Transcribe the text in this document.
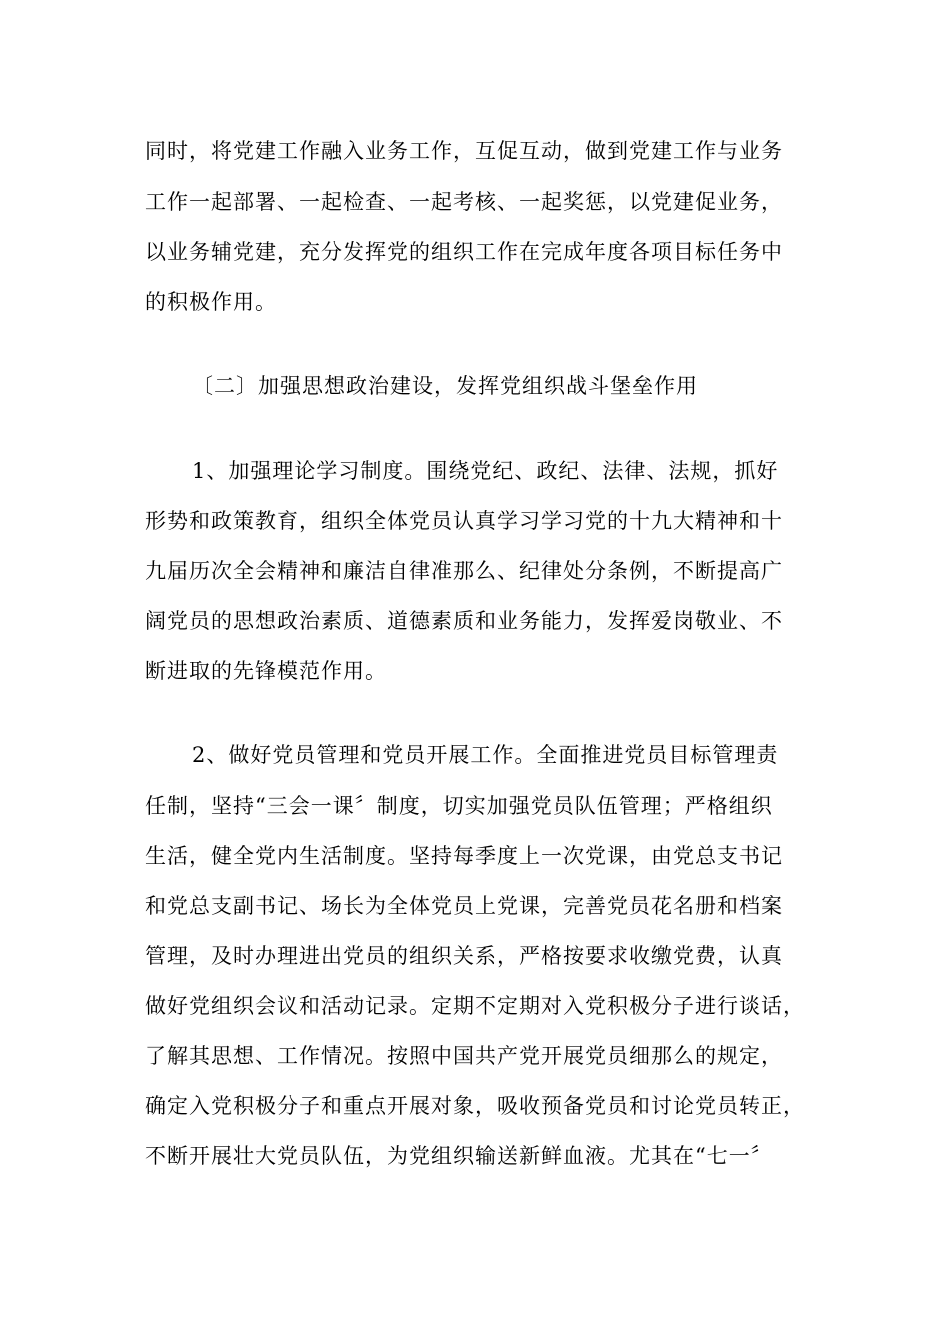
同时，将党建工作融入业务工作，互促互动，做到党建工作与业务
工作一起部署、一起检查、一起考核、一起奖惩，以党建促业务，
以业务辅党建，充分发挥党的组织工作在完成年度各项目标任务中
的积极作用。
〔二〕加强思想政治建设，发挥党组织战斗堡垒作用
1、加强理论学习制度。围绕党纪、政纪、法律、法规，抓好
形势和政策教育，组织全体党员认真学习学习党的十九大精神和十
九届历次全会精神和廉洁自律准那么、纪律处分条例，不断提高广
阔党员的思想政治素质、道德素质和业务能力，发挥爱岗敬业、不
断进取的先锋模范作用。
2、做好党员管理和党员开展工作。全面推进党员目标管理责
任制，坚持“三会一课〞制度，切实加强党员队伍管理；严格组织
生活，健全党内生活制度。坚持每季度上一次党课，由党总支书记
和党总支副书记、场长为全体党员上党课，完善党员花名册和档案
管理，及时办理进出党员的组织关系，严格按要求收缴党费，认真
做好党组织会议和活动记录。定期不定期对入党积极分子进行谈话，
了解其思想、工作情况。按照中国共产党开展党员细那么的规定，
确定入党积极分子和重点开展对象，吸收预备党员和讨论党员转正，
不断开展壮大党员队伍，为党组织输送新鲜血液。尤其在“七一〞
